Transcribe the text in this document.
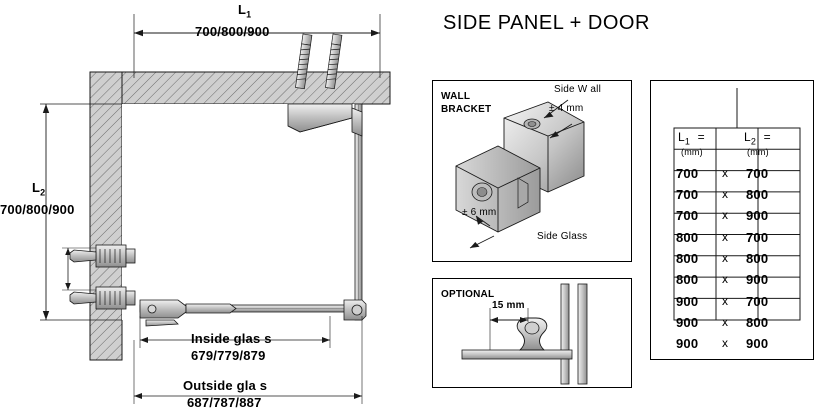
$L_1$
700/800/900
$L_2$
700/800/900
Inside glas s
679/779/879
Outside gla s
687/787/887
SIDE PANEL + DOOR
WALL
BRACKET
Side W all
± 4 mm
± 6 mm
Side Glass
OPTIONAL
15 mm
$L_1$ =
(mm)
$L_2$ =
(mm)
700 x 700
700 x 800
700 x 900
800 x 700
800 x 800
800 x 900
900 x 700
900 x 800
900 x 900
